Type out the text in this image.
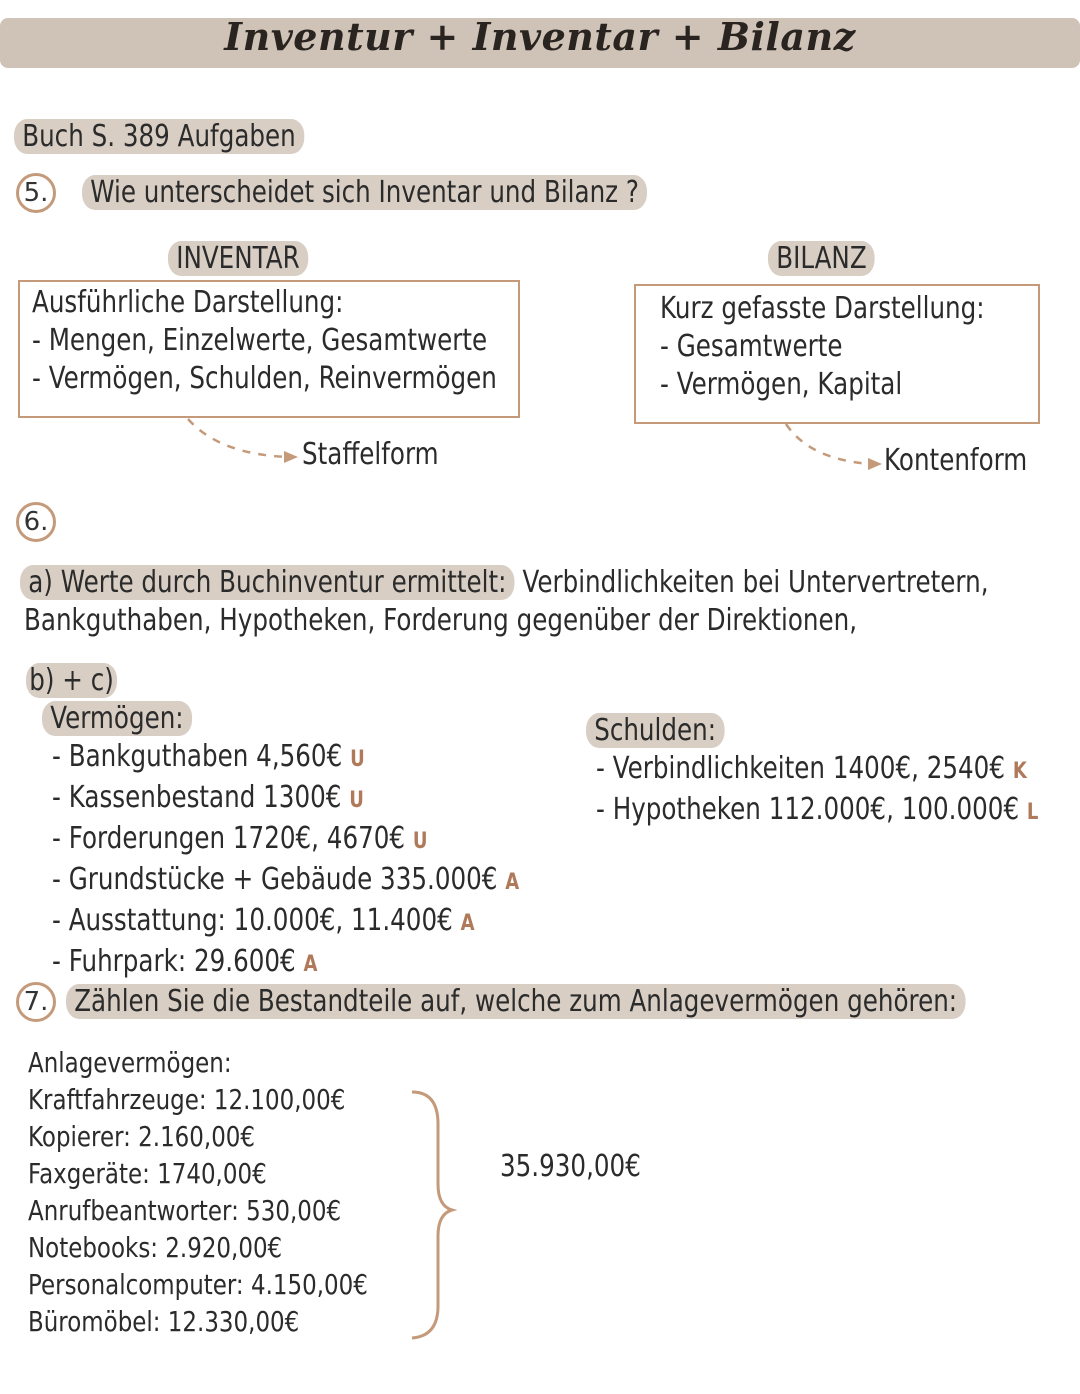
Inventur + Inventar + Bilanz
Buch S. 389 Aufgaben
5. Wie unterscheidet sich Inventar und Bilanz ?
INVENTAR
Ausführliche Darstellung:
- Mengen, Einzelwerte, Gesamtwerte
- Vermögen, Schulden, Reinvermögen
Staffelform
BILANZ
Kurz gefasste Darstellung:
- Gesamtwerte
- Vermögen, Kapital
Kontenform
6.
a) Werte durch Buchinventur ermittelt: Verbindlichkeiten bei Untervertretern,
Bankguthaben, Hypotheken, Forderung gegenüber der Direktionen,
b) + c)
Vermögen:
- Bankguthaben 4,560€ U
- Kassenbestand 1300€ U
- Forderungen 1720€, 4670€ U
- Grundstücke + Gebäude 335.000€ A
- Ausstattung: 10.000€, 11.400€ A
- Fuhrpark: 29.600€ A
Schulden:
- Verbindlichkeiten 1400€, 2540€ K
- Hypotheken 112.000€, 100.000€ L
7. Zählen Sie die Bestandteile auf, welche zum Anlagevermögen gehören:
Anlagevermögen:
Kraftfahrzeuge: 12.100,00€
Kopierer: 2.160,00€
Faxgeräte: 1740,00€
Anrufbeantworter: 530,00€
Notebooks: 2.920,00€
Personalcomputer: 4.150,00€
Büromöbel: 12.330,00€
35.930,00€
